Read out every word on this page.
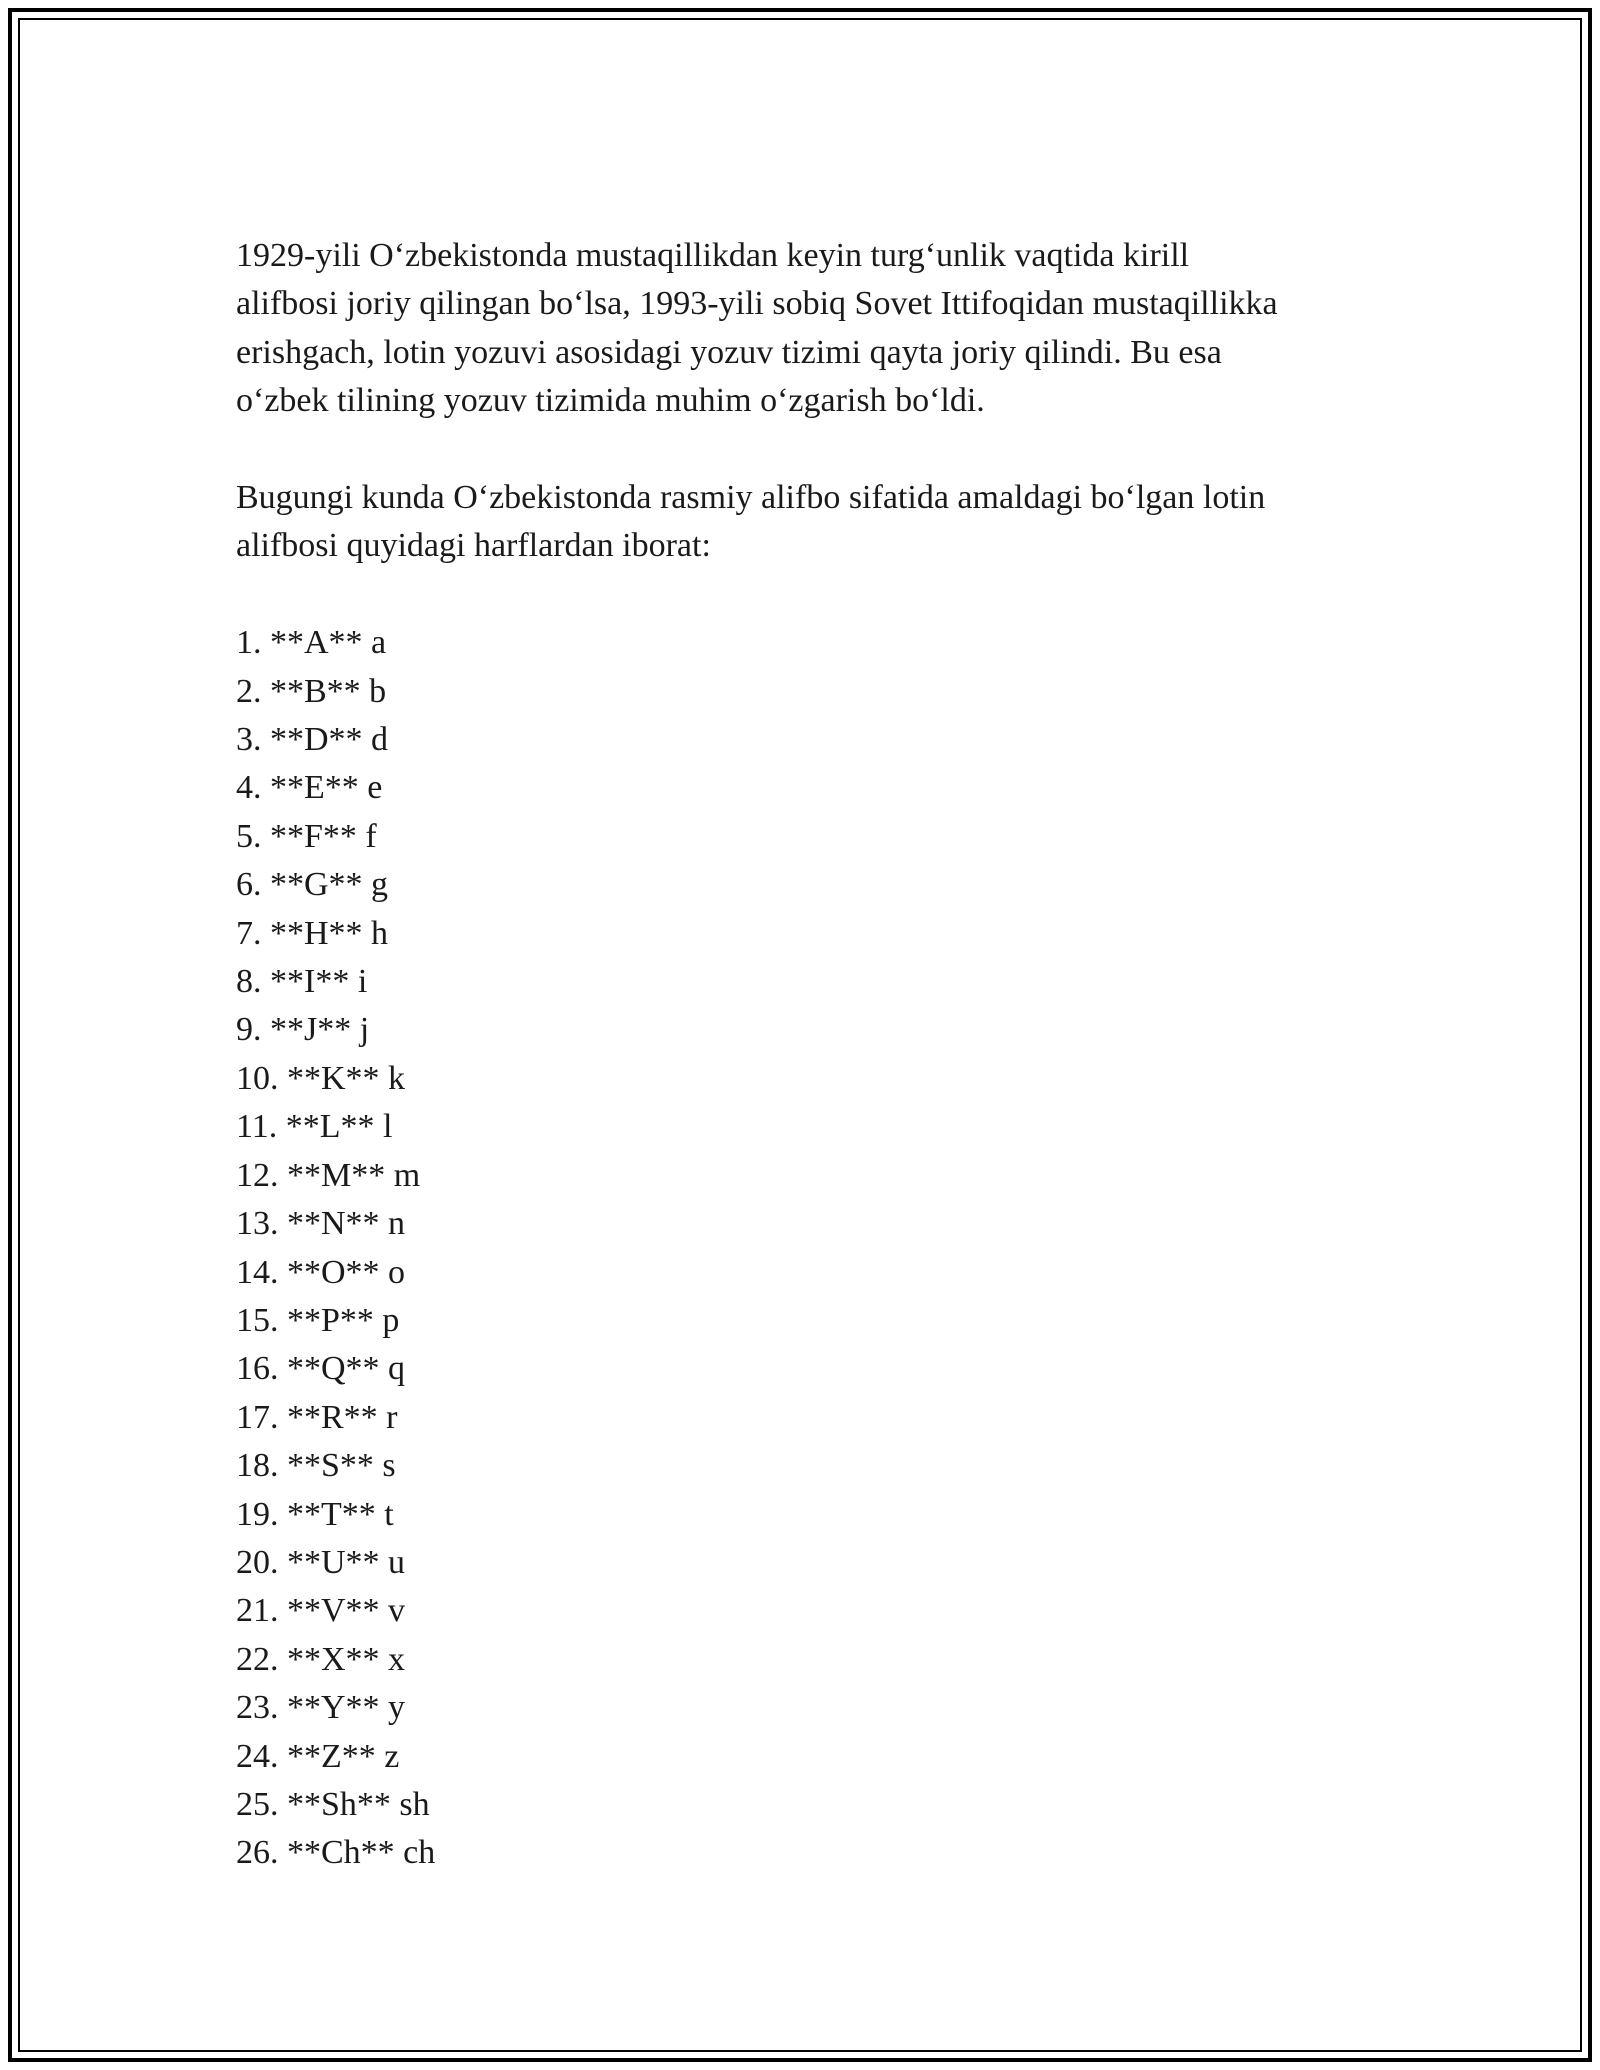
1929-yili O‘zbekistonda mustaqillikdan keyin turg‘unlik vaqtida kirill
alifbosi joriy qilingan bo‘lsa, 1993-yili sobiq Sovet Ittifoqidan mustaqillikka
erishgach, lotin yozuvi asosidagi yozuv tizimi qayta joriy qilindi. Bu esa
o‘zbek tilining yozuv tizimida muhim o‘zgarish bo‘ldi.

Bugungi kunda O‘zbekistonda rasmiy alifbo sifatida amaldagi bo‘lgan lotin
alifbosi quyidagi harflardan iborat:

1. **A** a
2. **B** b
3. **D** d
4. **E** e
5. **F** f
6. **G** g
7. **H** h
8. **I** i
9. **J** j
10. **K** k
11. **L** l
12. **M** m
13. **N** n
14. **O** o
15. **P** p
16. **Q** q
17. **R** r
18. **S** s
19. **T** t
20. **U** u
21. **V** v
22. **X** x
23. **Y** y
24. **Z** z
25. **Sh** sh
26. **Ch** ch
